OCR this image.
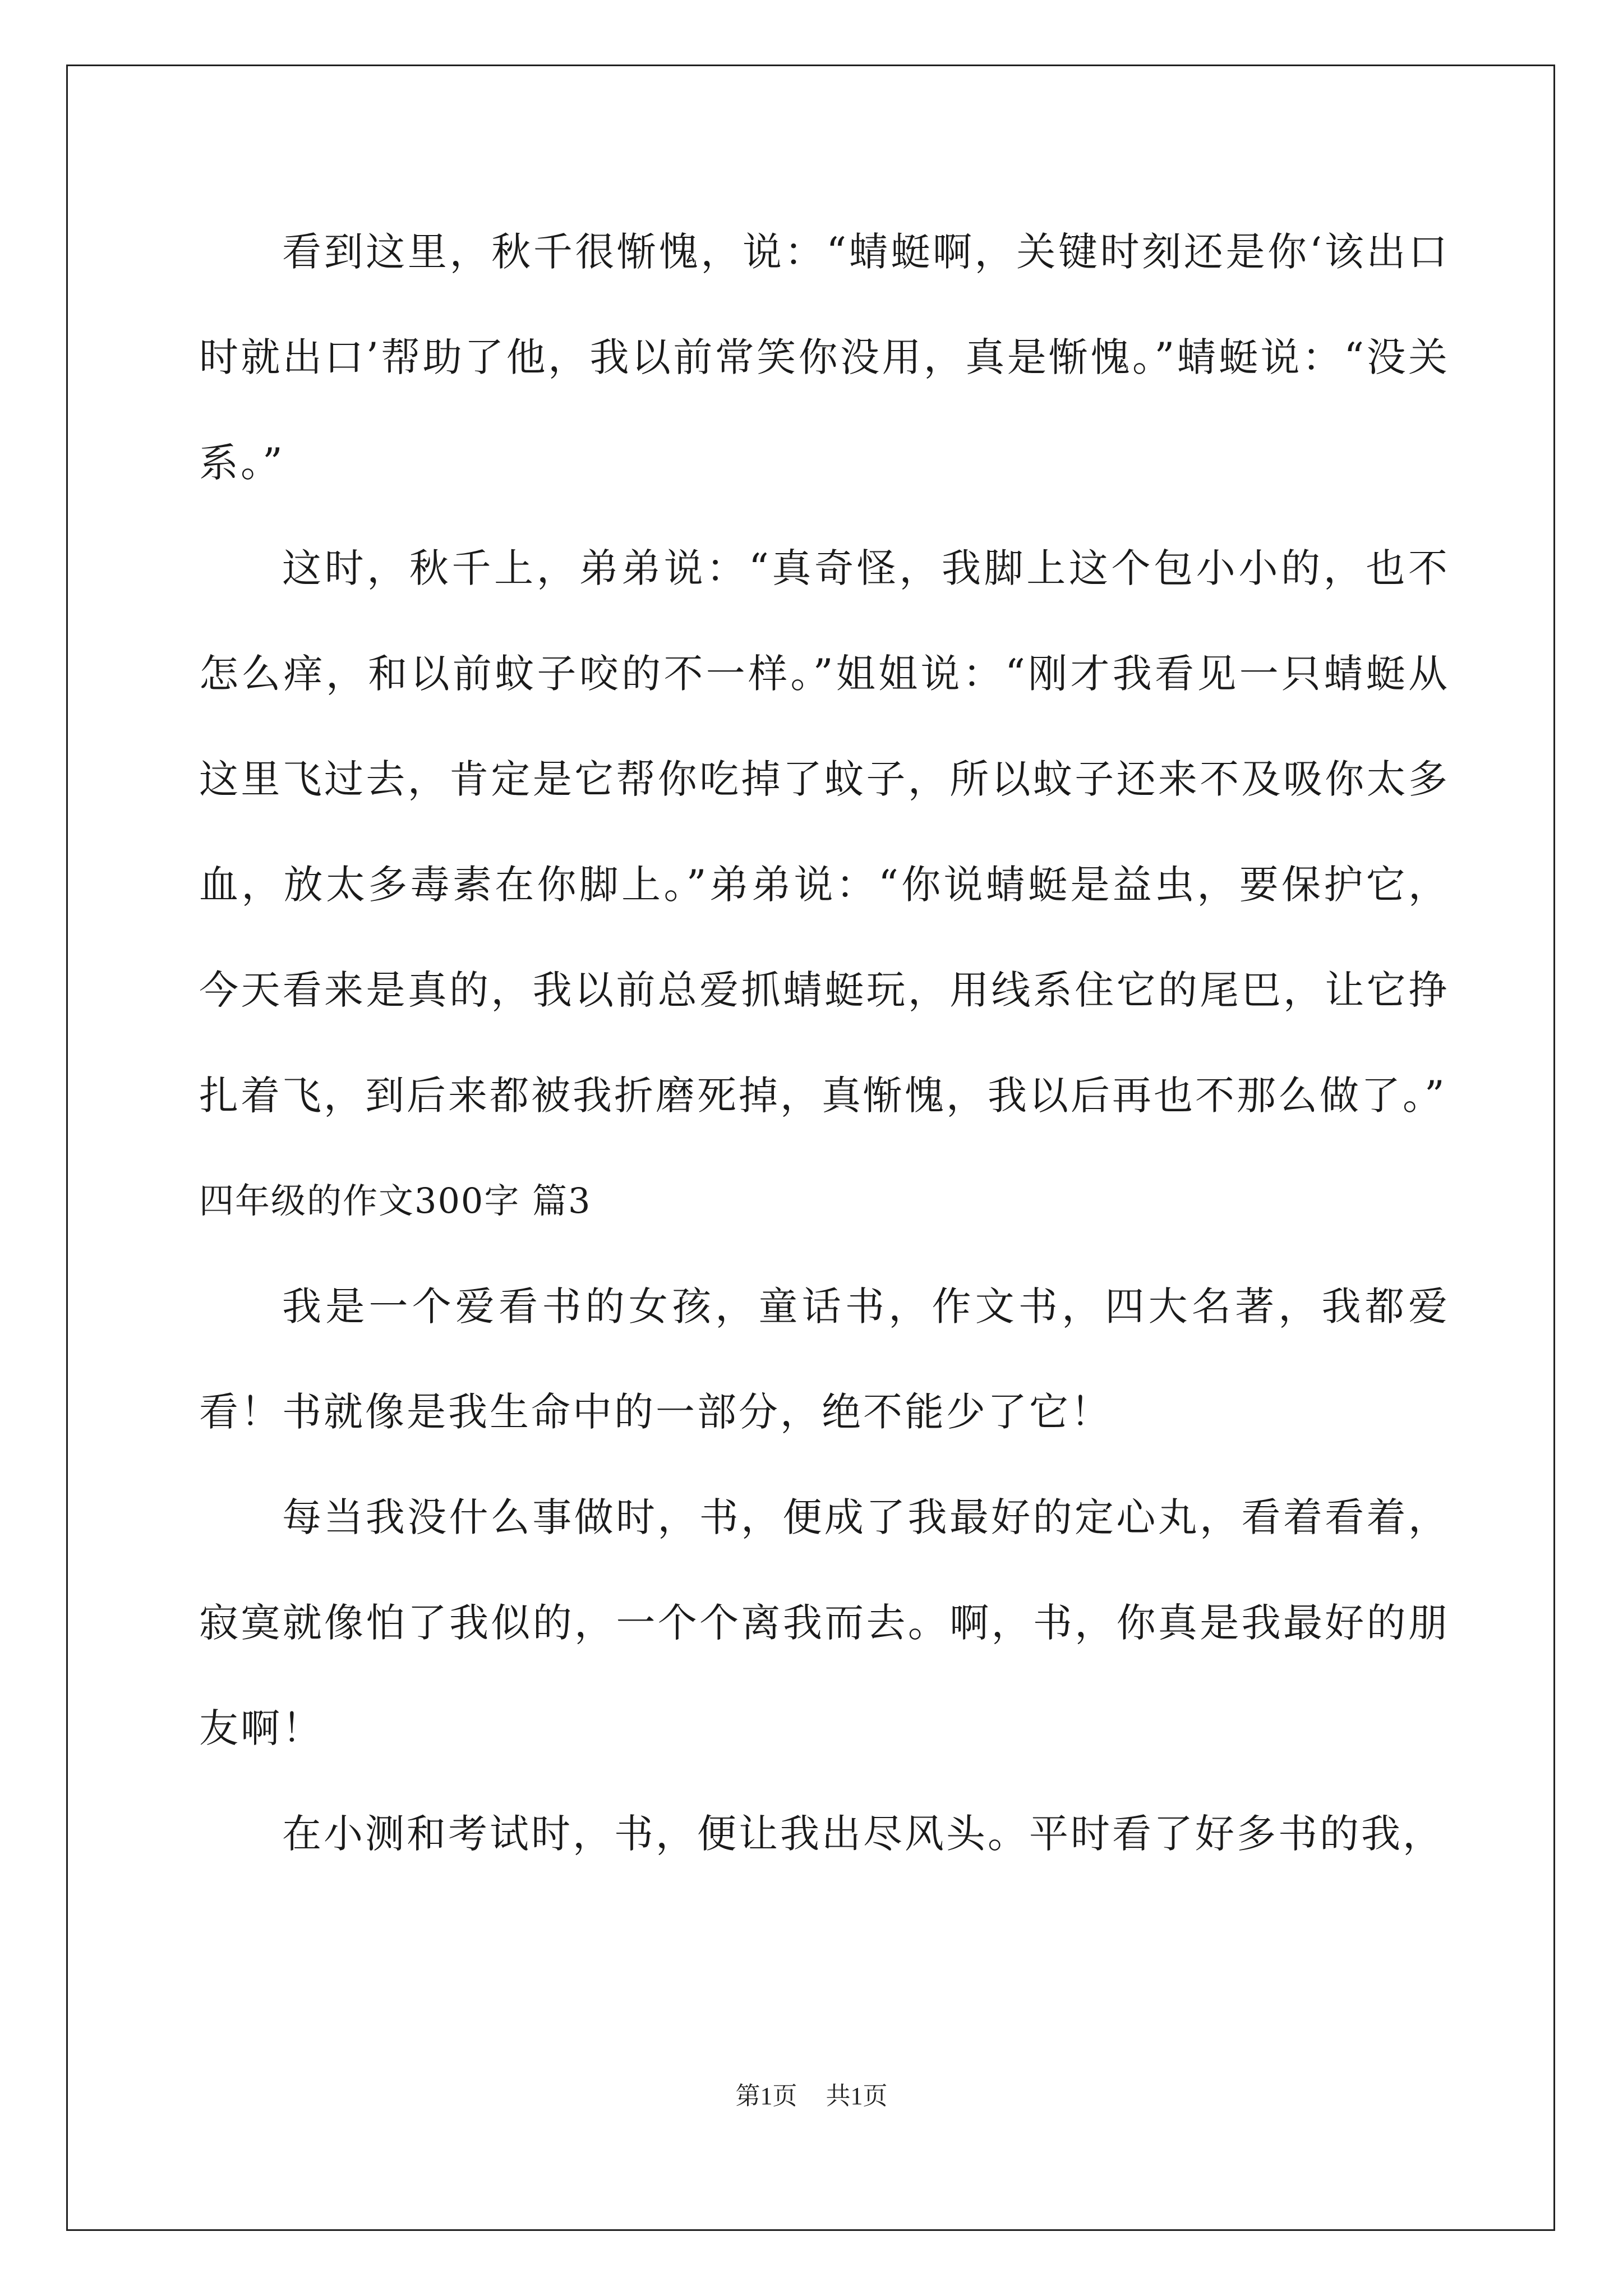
看到这里，秋千很惭愧，说：“蜻蜓啊，关键时刻还是你‘该出口时就出口’帮助了他，我以前常笑你没用，真是惭愧。”蜻蜓说：“没关系。”

这时，秋千上，弟弟说：“真奇怪，我脚上这个包小小的，也不怎么痒，和以前蚊子咬的不一样。”姐姐说：“刚才我看见一只蜻蜓从这里飞过去，肯定是它帮你吃掉了蚊子，所以蚊子还来不及吸你太多血，放太多毒素在你脚上。”弟弟说：“你说蜻蜓是益虫，要保护它，今天看来是真的，我以前总爱抓蜻蜓玩，用线系住它的尾巴，让它挣扎着飞，到后来都被我折磨死掉，真惭愧，我以后再也不那么做了。”

四年级的作文300字 篇3

我是一个爱看书的女孩，童话书，作文书，四大名著，我都爱看！书就像是我生命中的一部分，绝不能少了它！

每当我没什么事做时，书，便成了我最好的定心丸，看着看着，寂寞就像怕了我似的，一个个离我而去。啊，书，你真是我最好的朋友啊！

在小测和考试时，书，便让我出尽风头。平时看了好多书的我，

第1页 共1页
